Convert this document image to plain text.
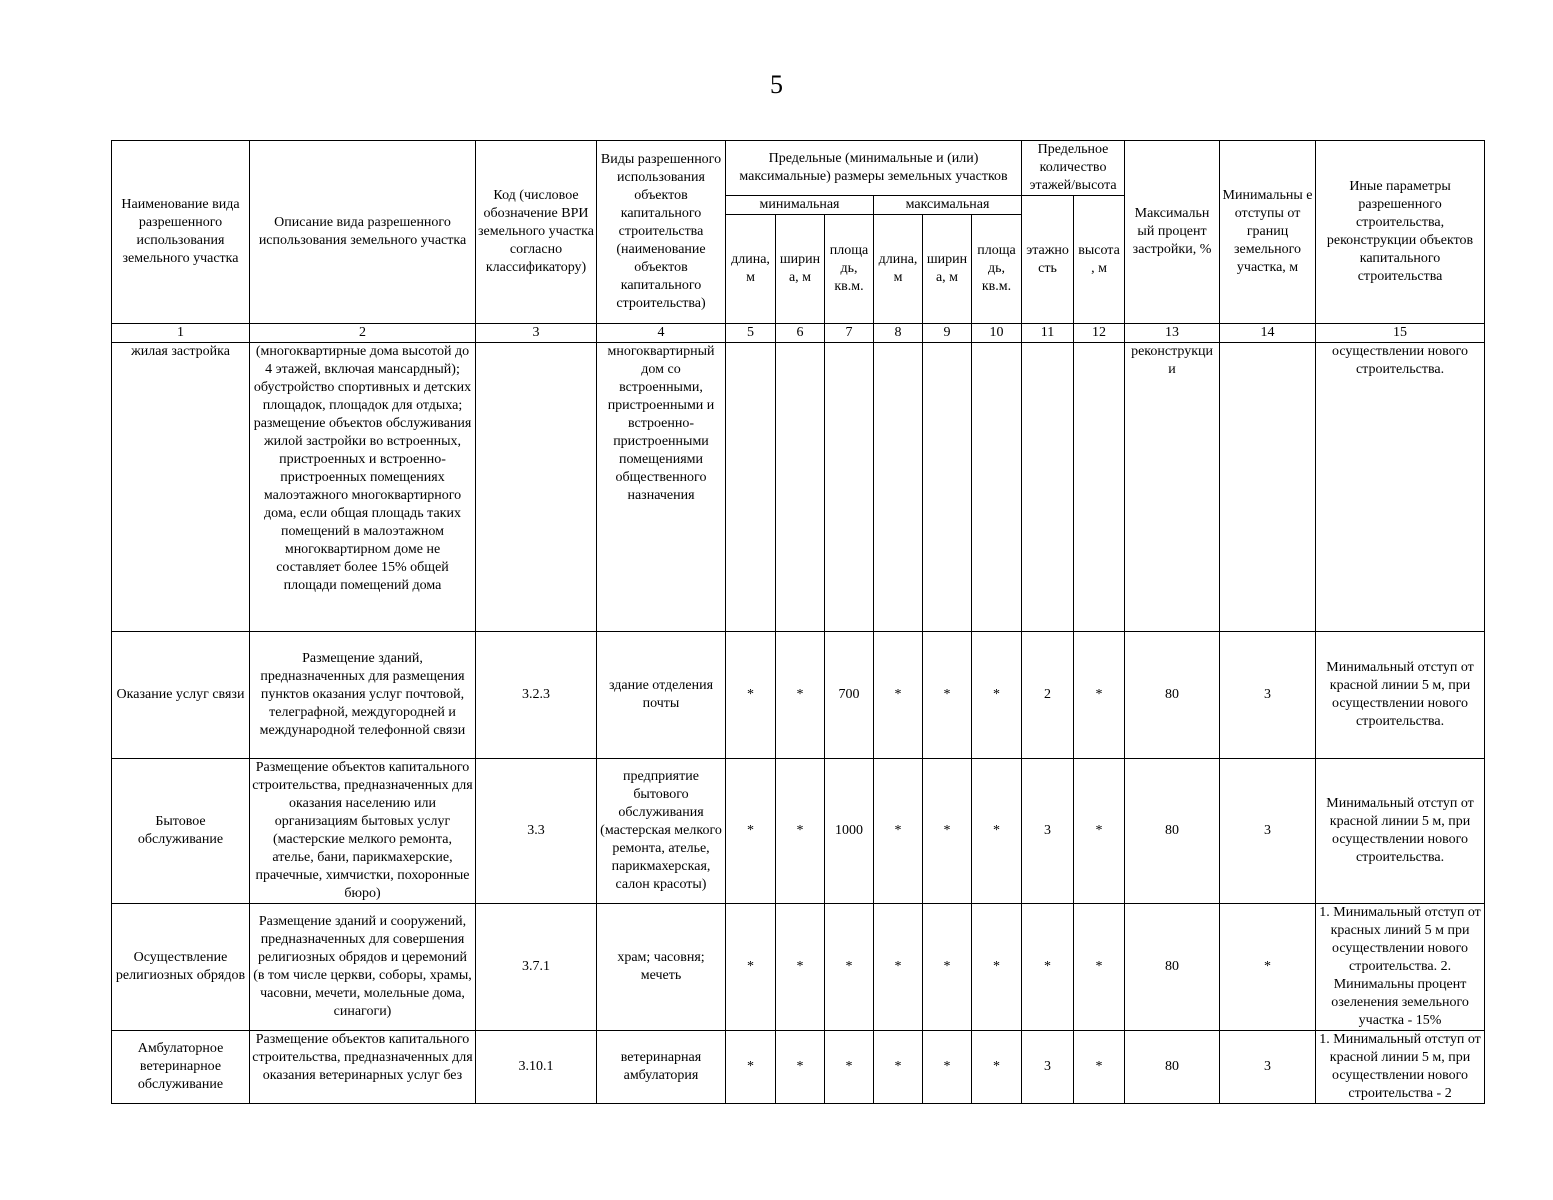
5
Наименование вида разрешенного использования земельного участка	Описание вида разрешенного использования земельного участка	Код (числовое обозначение ВРИ земельного участка согласно классификатору)	Виды разрешенного использования объектов капитального строительства (наименование объектов капитального строительства)	Предельные (минимальные и (или) максимальные) размеры земельных участков						Предельное количество этажей/высота		Максимальн ый процент застройки, %	Минимальны е отступы от границ земельного участка, м	Иные параметры разрешенного строительства, реконструкции объектов капитального строительства
				минимальная			максимальная			этажно сть	высота , м			
				длина, м	ширин а, м	площа дь, кв.м.	длина, м	ширин а, м	площа дь, кв.м.					
1	2	3	4	5	6	7	8	9	10	11	12	13	14	15
жилая застройка	(многоквартирные дома высотой до 4 этажей, включая мансардный); обустройство спортивных и детских площадок, площадок для отдыха; размещение объектов обслуживания жилой застройки во встроенных, пристроенных и встроенно-пристроенных помещениях малоэтажного многоквартирного дома, если общая площадь таких помещений в малоэтажном многоквартирном доме не составляет более 15% общей площади помещений дома		многоквартирный дом со встроенными, пристроенными и встроенно-пристроенными помещениями общественного назначения									реконструкци и		осуществлении нового строительства.
Оказание услуг связи	Размещение зданий, предназначенных для размещения пунктов оказания услуг почтовой, телеграфной, междугородней и международной телефонной связи	3.2.3	здание отделения почты	*	*	700	*	*	*	2	*	80	3	Минимальный отступ от красной линии 5 м, при осуществлении нового строительства.
Бытовое обслуживание	Размещение объектов капитального строительства, предназначенных для оказания населению или организациям бытовых услуг (мастерские мелкого ремонта, ателье, бани, парикмахерские, прачечные, химчистки, похоронные бюро)	3.3	предприятие бытового обслуживания (мастерская мелкого ремонта, ателье, парикмахерская, салон красоты)	*	*	1000	*	*	*	3	*	80	3	Минимальный отступ от красной линии 5 м, при осуществлении нового строительства.
Осуществление религиозных обрядов	Размещение зданий и сооружений, предназначенных для совершения религиозных обрядов и церемоний (в том числе церкви, соборы, храмы, часовни, мечети, молельные дома, синагоги)	3.7.1	храм; часовня; мечеть	*	*	*	*	*	*	*	*	80	*	1. Минимальный отступ от красных линий 5 м при осуществлении нового строительства. 2. Минимальны процент озеленения земельного участка - 15%
Амбулаторное ветеринарное обслуживание	Размещение объектов капитального строительства, предназначенных для оказания ветеринарных услуг без	3.10.1	ветеринарная амбулатория	*	*	*	*	*	*	3	*	80	3	1. Минимальный отступ от красной линии 5 м, при осуществлении нового строительства - 2
